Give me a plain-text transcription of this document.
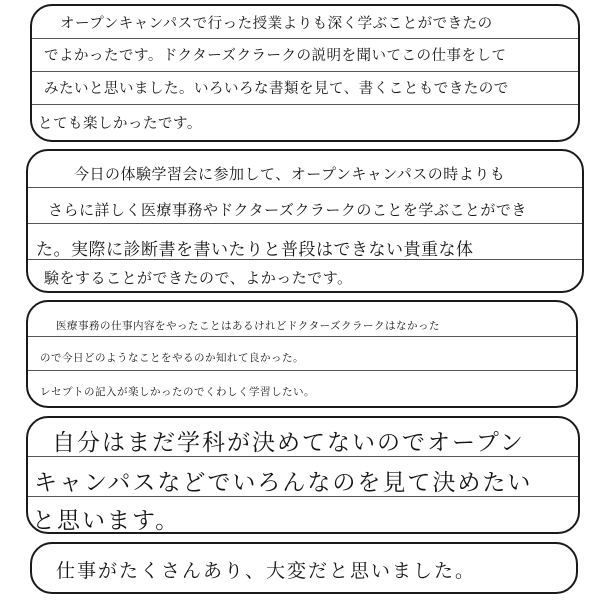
オープンキャンパスで行った授業よりも深く学ぶことができたの
でよかったです。ドクターズクラークの説明を聞いてこの仕事をして
みたいと思いました。いろいろな書類を見て、書くこともできたので
とても楽しかったです。
今日の体験学習会に参加して、オープンキャンパスの時よりも
さらに詳しく医療事務やドクターズクラークのことを学ぶことができ
た。実際に診断書を書いたりと普段はできない貴重な体
験をすることができたので、よかったです。
医療事務の仕事内容をやったことはあるけれどドクターズクラークはなかった
ので今日どのようなことをやるのか知れて良かった。
レセプトの記入が楽しかったのでくわしく学習したい。
自分はまだ学科が決めてないのでオープン
キャンパスなどでいろんなのを見て決めたい
と思います。
仕事がたくさんあり、大変だと思いました。
